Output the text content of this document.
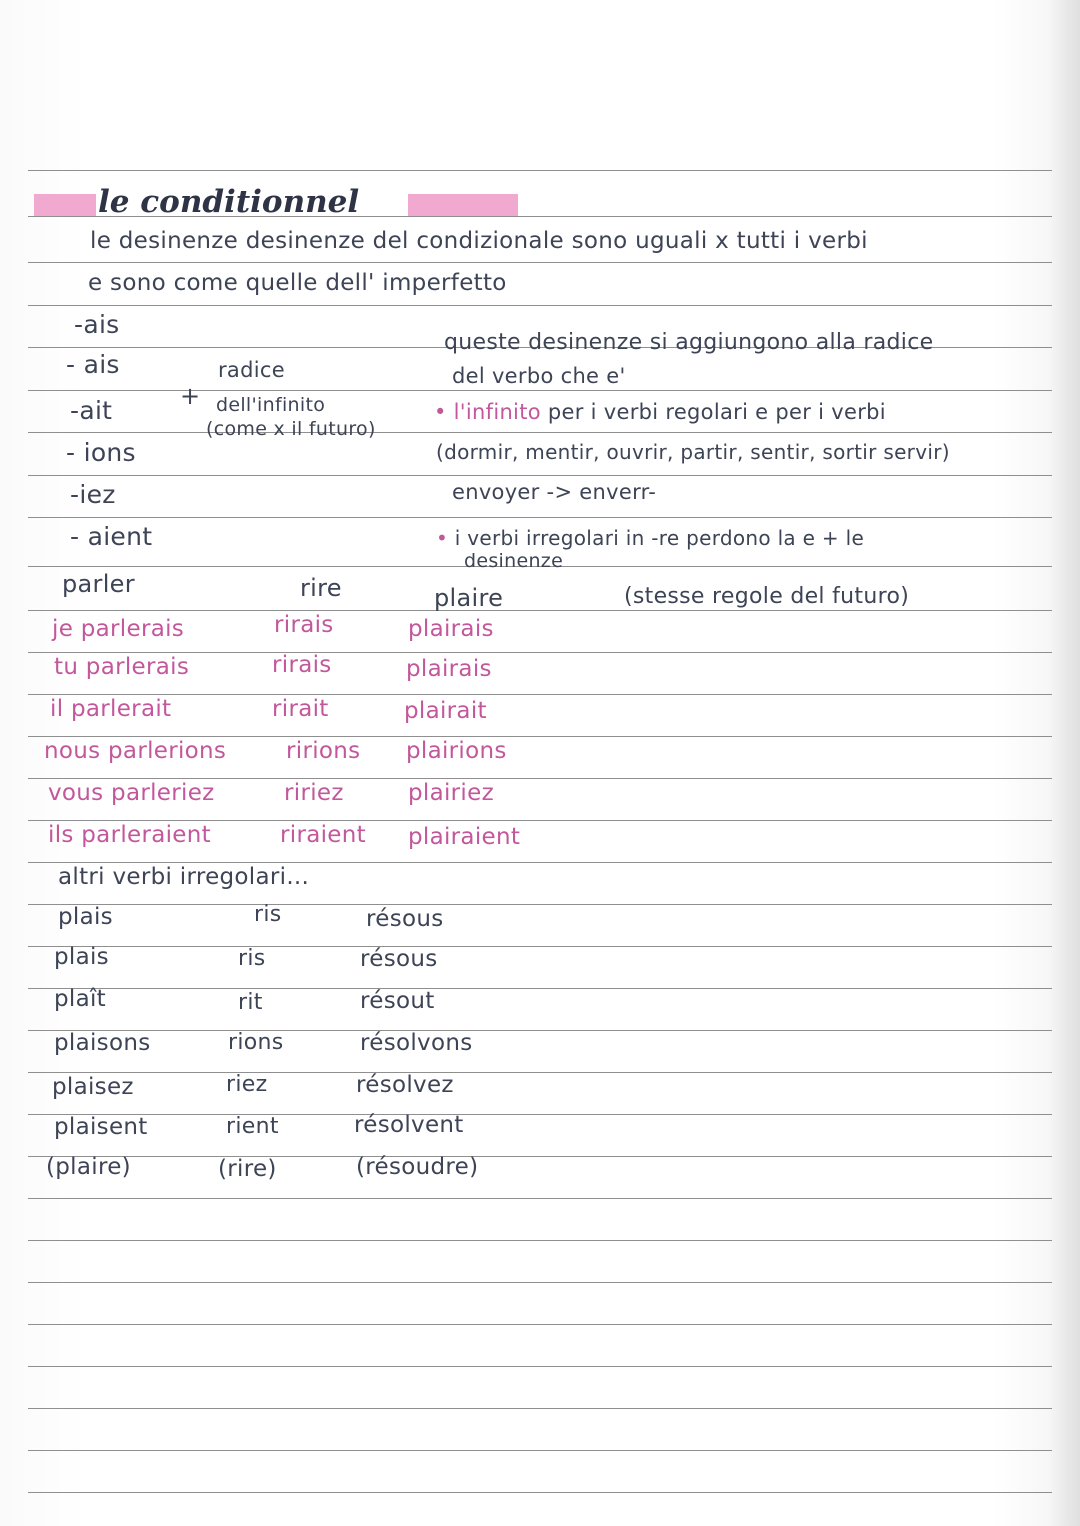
le conditionnel
le desinenze desinenze del condizionale sono uguali x tutti i verbi
e sono come quelle dell' imperfetto
-ais
- ais
-ait
- ions
-iez
- aient
+
radice
dell'infinito
(come x il futuro)
queste desinenze si aggiungono alla radice
del verbo che e'
• l'infinito per i verbi regolari e per i verbi
(dormir, mentir, ouvrir, partir, sentir, sortir servir)
envoyer -> enverr-
• i verbi irregolari in -re perdono la e + le
desinenze
(stesse regole del futuro)
parler	rire	plaire
je parlerais	rirais	plairais
tu parlerais	rirais	plairais
il parlerait	rirait	plairait
nous parlerions	ririons plairions
vous parleriez	ririez	plairiez
ils parleraient	riraient plairaient
altri verbi irregolari...
plais	ris	résous
plais	ris	résous
plaît	rit	résout
plaisons	rions	résolvons
plaisez	riez	résolvez
plaisent	rient	résolvent
(plaire)	(rire)	(résoudre)
